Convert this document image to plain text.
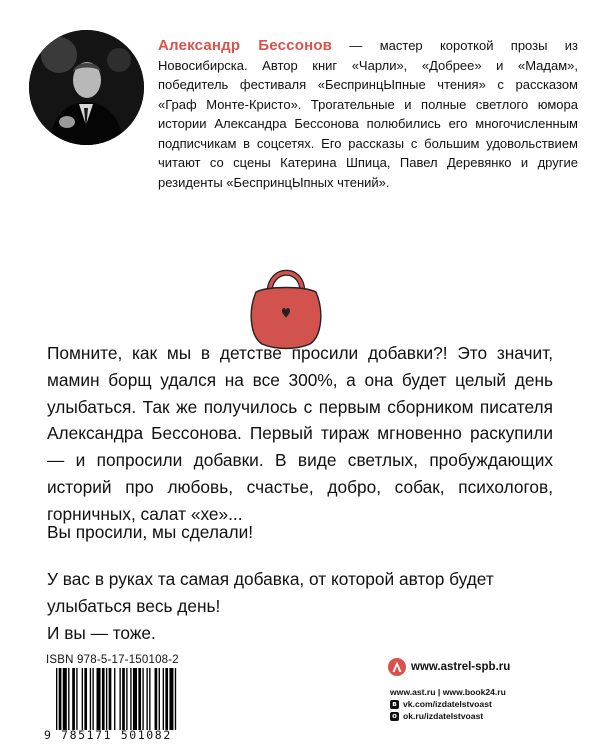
Александр Бессонов — мастер короткой прозы из Новосибирска. Автор книг «Чарли», «Добрее» и «Мадам», победитель фестиваля «БеспринцЫпные чтения» с рассказом «Граф Монте-Кристо». Трогательные и полные светлого юмора истории Александра Бессонова полюбились его многочисленным подписчикам в соцсетях. Его рассказы с большим удовольствием читают со сцены Катерина Шпица, Павел Деревянко и другие резиденты «БеспринцЫпных чтений».
Помните, как мы в детстве просили добавки?! Это значит, мамин борщ удался на все 300%, а она будет целый день улыбаться. Так же получилось с первым сборником писателя Александра Бессонова. Первый тираж мгновенно раскупили — и попросили добавки. В виде светлых, пробуждающих историй про любовь, счастье, добро, собак, психологов, горничных, салат «хе»...
Вы просили, мы сделали!
У вас в руках та самая добавка, от которой автор будет улыбаться весь день!
И вы — тоже.
ISBN 978-5-17-150108-2
9 785171 501082
www.astrel-spb.ru
www.ast.ru | www.book24.ru
в vk.com/izdatelstvoast
о ok.ru/izdatelstvoast
